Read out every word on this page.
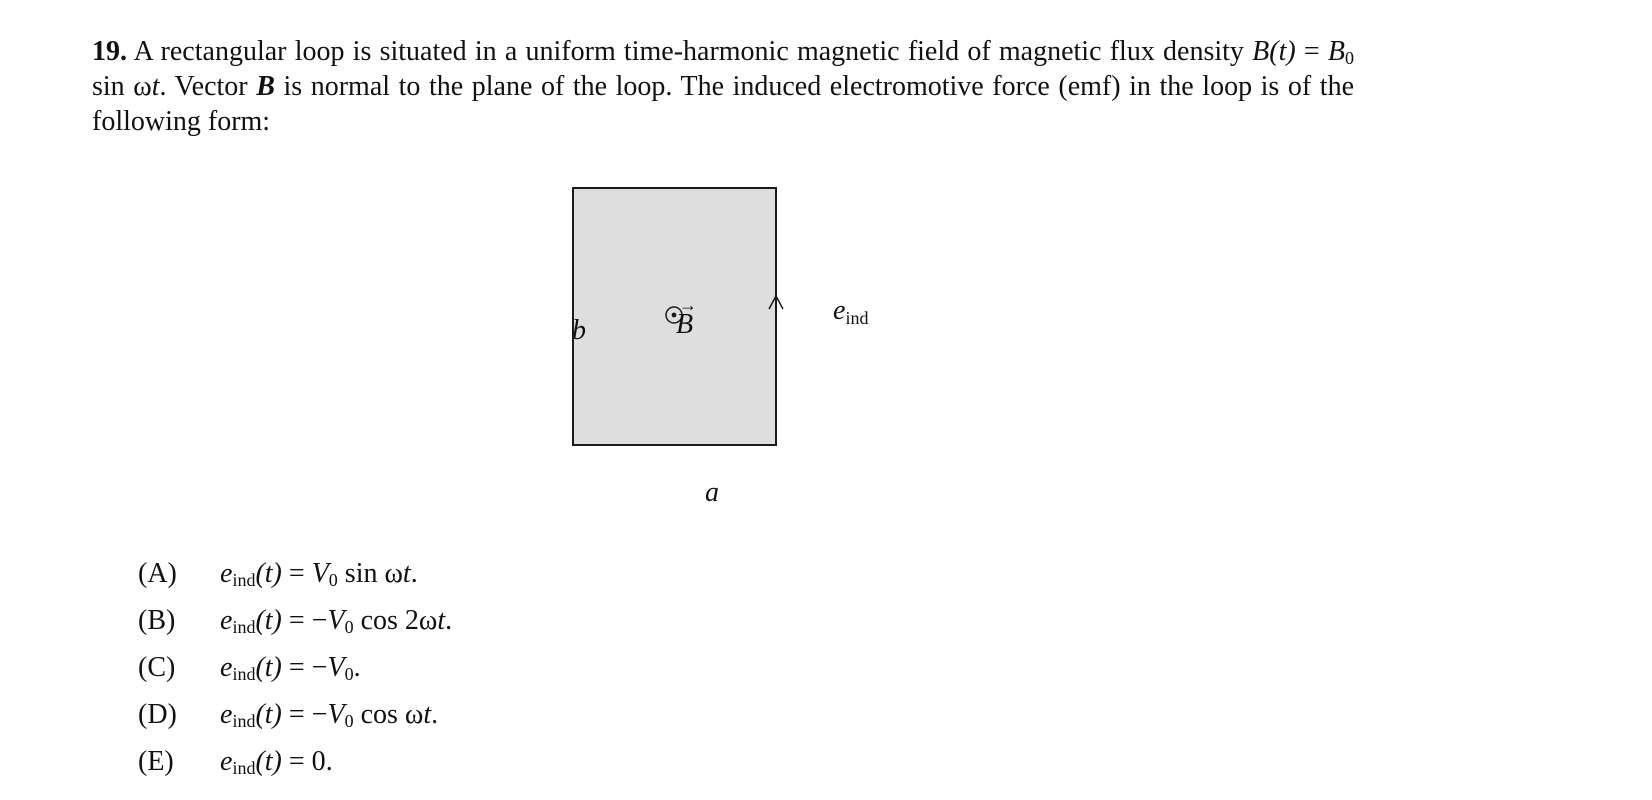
19. A rectangular loop is situated in a uniform time-harmonic magnetic field of magnetic flux density $B(t) = B_0$ sin ωt. Vector B is normal to the plane of the loop. The induced electromotive force (emf) in the loop is of the following form:
b
a
→
B	$e_{ind}$
(A) $e_{ind}(t) = V_0$ sin ωt.
(B) $e_{ind}(t) = -V_0$ cos 2ωt.
(C) $e_{ind}(t) = -V_0$.
(D) $e_{ind}(t) = -V_0$ cos ωt.
(E) $e_{ind}(t) = 0$.
